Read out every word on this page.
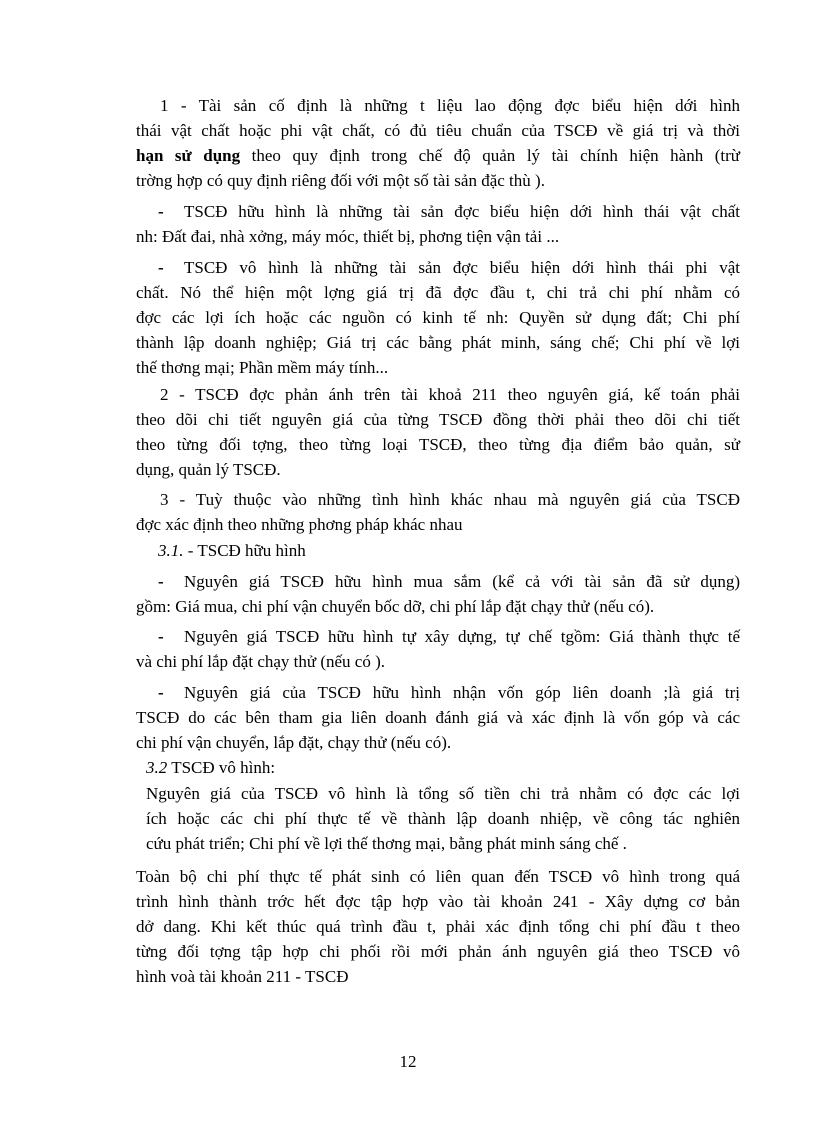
1 - Tài sản cố định là những t liệu lao động đợc biểu hiện dới hình
thái vật chất hoặc phi vật chất, có đủ tiêu chuẩn của TSCĐ về giá trị và thời
hạn sử dụng theo quy định trong chế độ quản lý tài chính hiện hành (trừ
trờng hợp có quy định riêng đối với một số tài sản đặc thù ).
- TSCĐ hữu hình là những tài sản đợc biểu hiện dới hình thái vật chất
nh: Đất đai, nhà xởng, máy móc, thiết bị, phơng tiện vận tải ...
- TSCĐ vô hình là những tài sản đợc biểu hiện dới hình thái phi vật
chất. Nó thể hiện một lợng giá trị đã đợc đầu t, chi trả chi phí nhằm có
đợc các lợi ích hoặc các nguồn có kinh tế nh: Quyền sử dụng đất; Chi phí
thành lập doanh nghiệp; Giá trị các bằng phát minh, sáng chế; Chi phí về lợi
thế thơng mại; Phần mềm máy tính...
2 - TSCĐ đợc phản ánh trên tài khoả 211 theo nguyên giá, kế toán phải
theo dõi chi tiết nguyên giá của từng TSCĐ đồng thời phải theo dõi chi tiết
theo từng đối tợng, theo từng loại TSCĐ, theo từng địa điểm bảo quản, sử
dụng, quản lý TSCĐ.
3 - Tuỳ thuộc vào những tình hình khác nhau mà nguyên giá của TSCĐ
đợc xác định theo những phơng pháp khác nhau
3.1. - TSCĐ hữu hình
- Nguyên giá TSCĐ hữu hình mua sắm (kể cả với tài sản đã sử dụng)
gồm: Giá mua, chi phí vận chuyển bốc dỡ, chi phí lắp đặt chạy thử (nếu có).
- Nguyên giá TSCĐ hữu hình tự xây dựng, tự chế tgồm: Giá thành thực tế
và chi phí lắp đặt chạy thử (nếu có ).
- Nguyên giá của TSCĐ hữu hình nhận vốn góp liên doanh ;là giá trị
TSCĐ do các bên tham gia liên doanh đánh giá và xác định là vốn góp và các
chi phí vận chuyển, lắp đặt, chạy thử (nếu có).
3.2 TSCĐ vô hình:
Nguyên giá của TSCĐ vô hình là tổng số tiền chi trả nhằm có đợc các lợi
ích hoặc các chi phí thực tế về thành lập doanh nhiệp, về công tác nghiên
cứu phát triển; Chi phí về lợi thế thơng mại, bằng phát minh sáng chế .
Toàn bộ chi phí thực tế phát sinh có liên quan đến TSCĐ vô hình trong quá
trình hình thành trớc hết đợc tập hợp vào tài khoản 241 - Xây dựng cơ bản
dở dang. Khi kết thúc quá trình đầu t, phải xác định tổng chi phí đầu t theo
từng đối tợng tập hợp chi phối rồi mới phản ánh nguyên giá theo TSCĐ vô
hình voà tài khoản 211 - TSCĐ
12
